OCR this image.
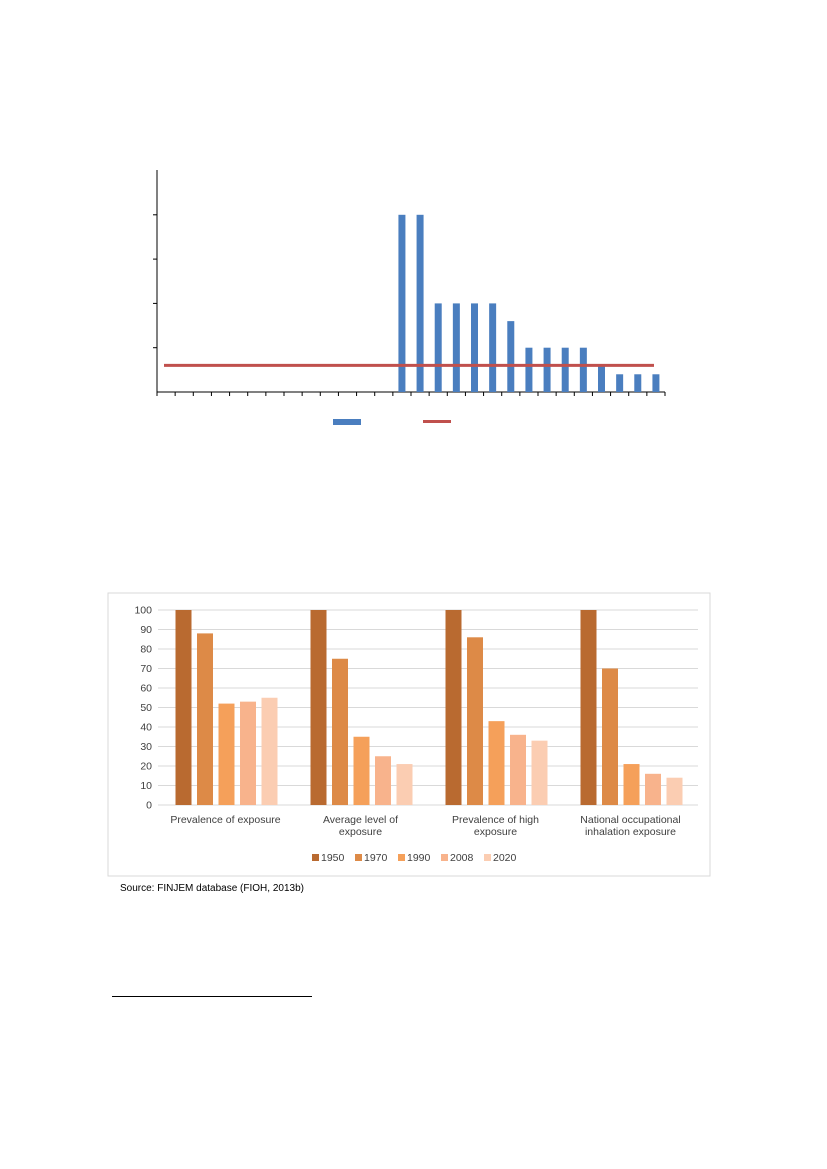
0
10
20
30
40
50
60
70
80
90
100
Prevalence of exposure	Average level of
exposure
Prevalence of high
exposure
National occupational
inhalation exposure
1950 1970 1990 2008 2020
Source: FINJEM database (FIOH, 2013b)
